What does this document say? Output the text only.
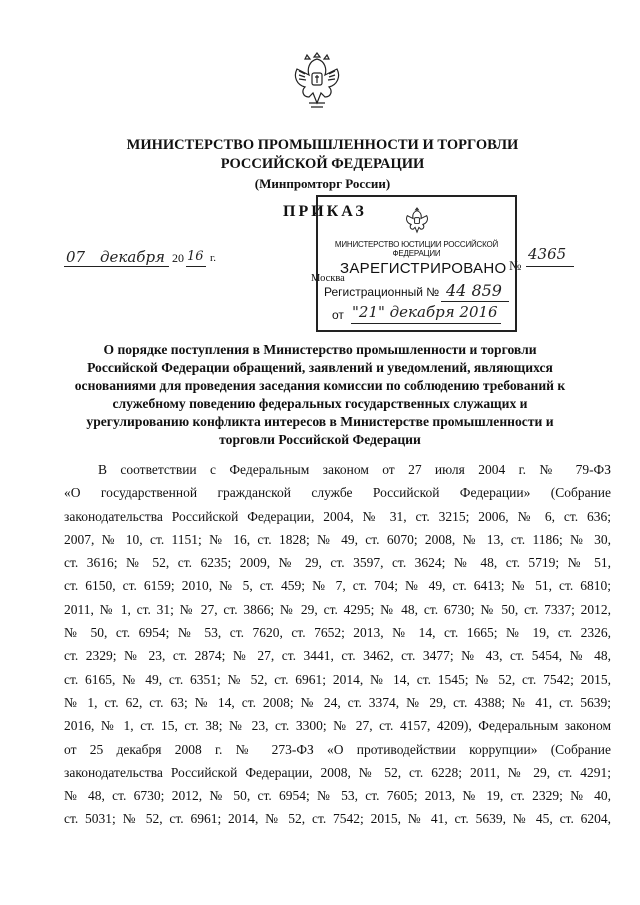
МИНИСТЕРСТВО ПРОМЫШЛЕННОСТИ И ТОРГОВЛИ
РОССИЙСКОЙ ФЕДЕРАЦИИ
(Минпромторг России)
ПРИКАЗ
07 декабря 20 16 г.
Москва
№
4365
МИНИСТЕРСТВО ЮСТИЦИИ РОССИЙСКОЙ ФЕДЕРАЦИИ
ЗАРЕГИСТРИРОВАНО
Регистрационный № 44 859
от "21" декабря 2016
О порядке поступления в Министерство промышленности и торговли
Российской Федерации обращений, заявлений и уведомлений, являющихся
основаниями для проведения заседания комиссии по соблюдению требований к
служебному поведению федеральных государственных служащих и
урегулированию конфликта интересов в Министерстве промышленности и
торговли Российской Федерации
В соответствии с Федеральным законом от 27 июля 2004 г. № 79-ФЗ
«О государственной гражданской службе Российской Федерации» (Собрание
законодательства Российской Федерации, 2004, № 31, ст. 3215; 2006, № 6, ст. 636;
2007, № 10, ст. 1151; № 16, ст. 1828; № 49, ст. 6070; 2008, № 13, ст. 1186; № 30,
ст. 3616; № 52, ст. 6235; 2009, № 29, ст. 3597, ст. 3624; № 48, ст. 5719; № 51,
ст. 6150, ст. 6159; 2010, № 5, ст. 459; № 7, ст. 704; № 49, ст. 6413; № 51, ст. 6810;
2011, № 1, ст. 31; № 27, ст. 3866; № 29, ст. 4295; № 48, ст. 6730; № 50, ст. 7337; 2012,
№ 50, ст. 6954; № 53, ст. 7620, ст. 7652; 2013, № 14, ст. 1665; № 19, ст. 2326,
ст. 2329; № 23, ст. 2874; № 27, ст. 3441, ст. 3462, ст. 3477; № 43, ст. 5454, № 48,
ст. 6165, № 49, ст. 6351; № 52, ст. 6961; 2014, № 14, ст. 1545; № 52, ст. 7542; 2015,
№ 1, ст. 62, ст. 63; № 14, ст. 2008; № 24, ст. 3374, № 29, ст. 4388; № 41, ст. 5639;
2016, № 1, ст. 15, ст. 38; № 23, ст. 3300; № 27, ст. 4157, 4209), Федеральным законом
от 25 декабря 2008 г. № 273-ФЗ «О противодействии коррупции» (Собрание
законодательства Российской Федерации, 2008, № 52, ст. 6228; 2011, № 29, ст. 4291;
№ 48, ст. 6730; 2012, № 50, ст. 6954; № 53, ст. 7605; 2013, № 19, ст. 2329; № 40,
ст. 5031; № 52, ст. 6961; 2014, № 52, ст. 7542; 2015, № 41, ст. 5639, № 45, ст. 6204,
